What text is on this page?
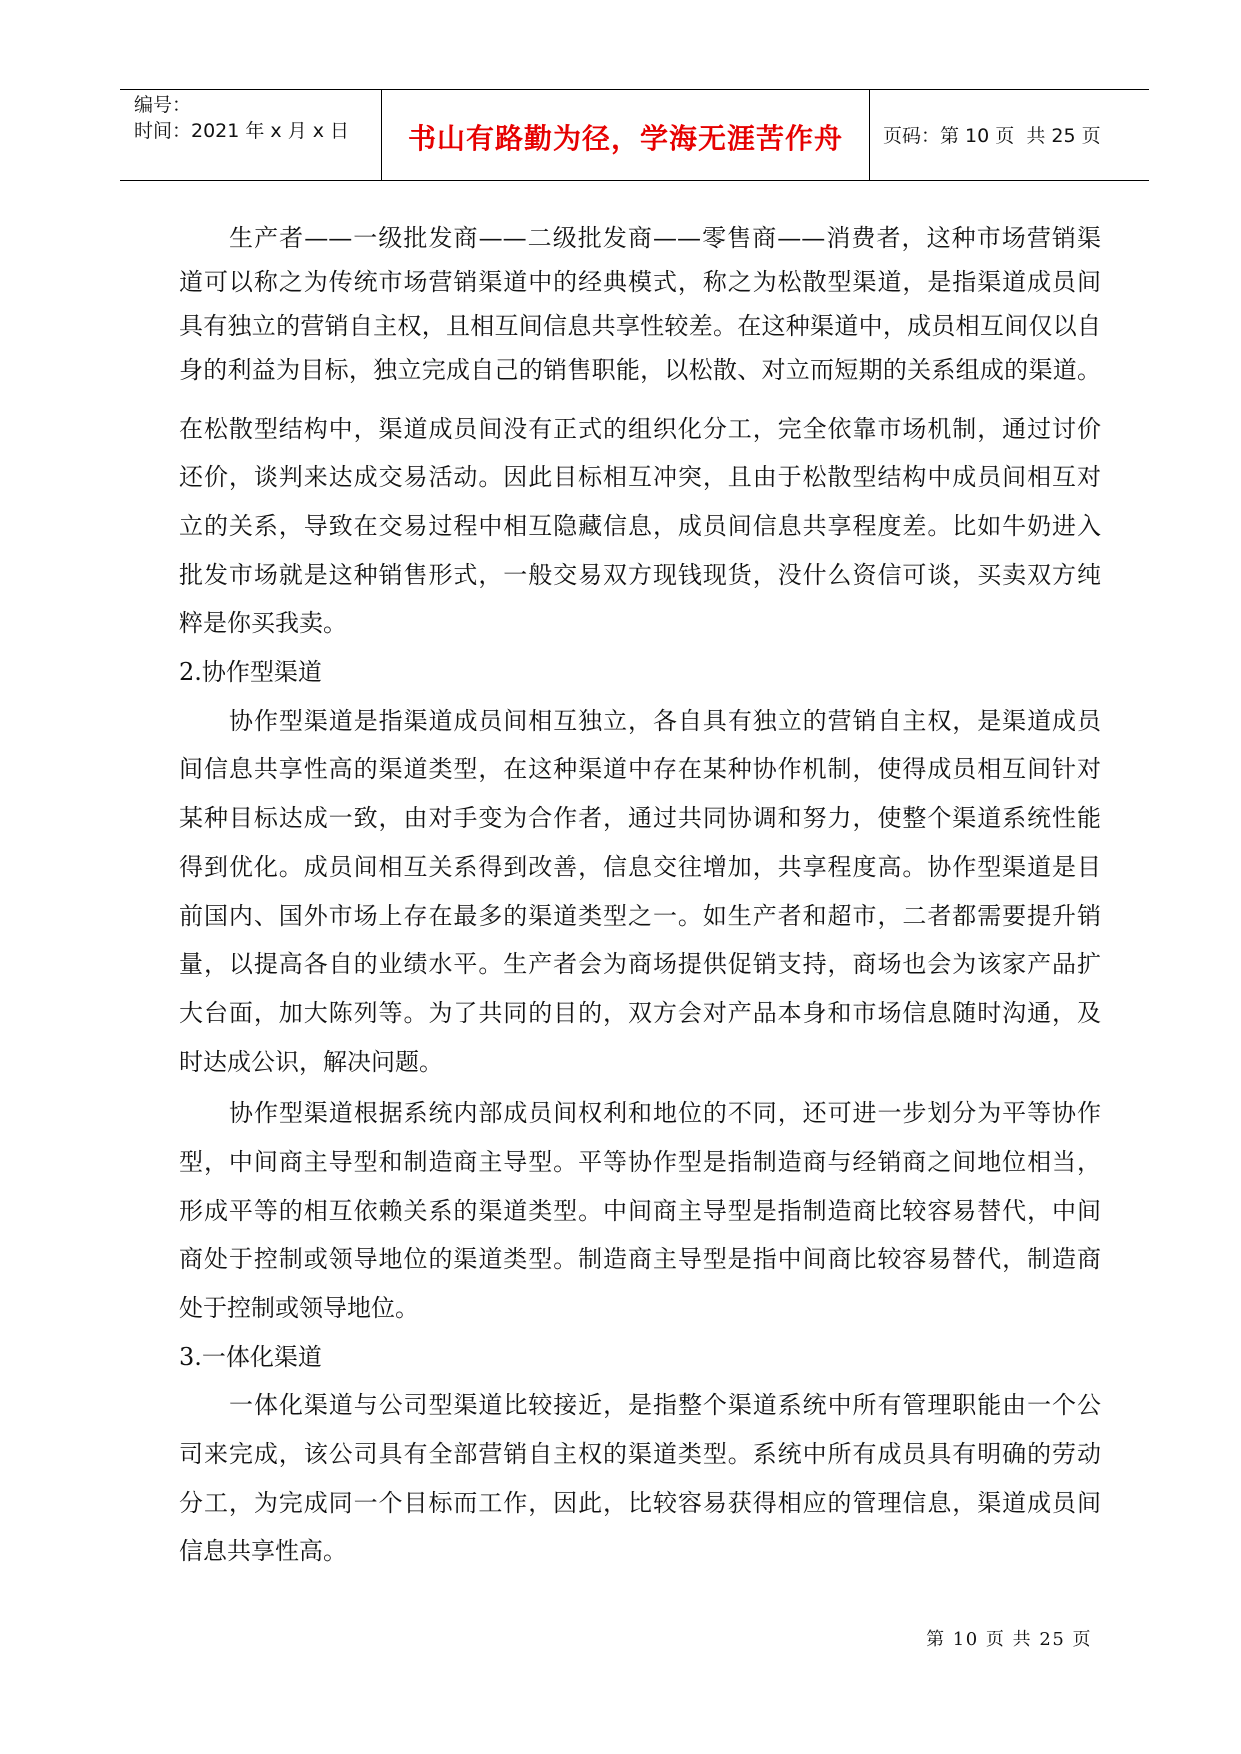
编号：
时间：2021 年 x 月 x 日	书山有路勤为径，学海无涯苦作舟	页码：第 10 页  共 25 页
生产者——一级批发商——二级批发商——零售商——消费者，这种市场营销渠
道可以称之为传统市场营销渠道中的经典模式，称之为松散型渠道，是指渠道成员间
具有独立的营销自主权，且相互间信息共享性较差。在这种渠道中，成员相互间仅以自
身的利益为目标，独立完成自己的销售职能，以松散、对立而短期的关系组成的渠道。
在松散型结构中，渠道成员间没有正式的组织化分工，完全依靠市场机制，通过讨价
还价，谈判来达成交易活动。因此目标相互冲突，且由于松散型结构中成员间相互对
立的关系，导致在交易过程中相互隐藏信息，成员间信息共享程度差。比如牛奶进入
批发市场就是这种销售形式，一般交易双方现钱现货，没什么资信可谈，买卖双方纯
粹是你买我卖。
2.协作型渠道
协作型渠道是指渠道成员间相互独立，各自具有独立的营销自主权，是渠道成员
间信息共享性高的渠道类型，在这种渠道中存在某种协作机制，使得成员相互间针对
某种目标达成一致，由对手变为合作者，通过共同协调和努力，使整个渠道系统性能
得到优化。成员间相互关系得到改善，信息交往增加，共享程度高。协作型渠道是目
前国内、国外市场上存在最多的渠道类型之一。如生产者和超市，二者都需要提升销
量，以提高各自的业绩水平。生产者会为商场提供促销支持，商场也会为该家产品扩
大台面，加大陈列等。为了共同的目的，双方会对产品本身和市场信息随时沟通，及
时达成公识，解决问题。
协作型渠道根据系统内部成员间权利和地位的不同，还可进一步划分为平等协作
型，中间商主导型和制造商主导型。平等协作型是指制造商与经销商之间地位相当，
形成平等的相互依赖关系的渠道类型。中间商主导型是指制造商比较容易替代，中间
商处于控制或领导地位的渠道类型。制造商主导型是指中间商比较容易替代，制造商
处于控制或领导地位。
3.一体化渠道
一体化渠道与公司型渠道比较接近，是指整个渠道系统中所有管理职能由一个公
司来完成，该公司具有全部营销自主权的渠道类型。系统中所有成员具有明确的劳动
分工，为完成同一个目标而工作，因此，比较容易获得相应的管理信息，渠道成员间
信息共享性高。
第 10 页 共 25 页
